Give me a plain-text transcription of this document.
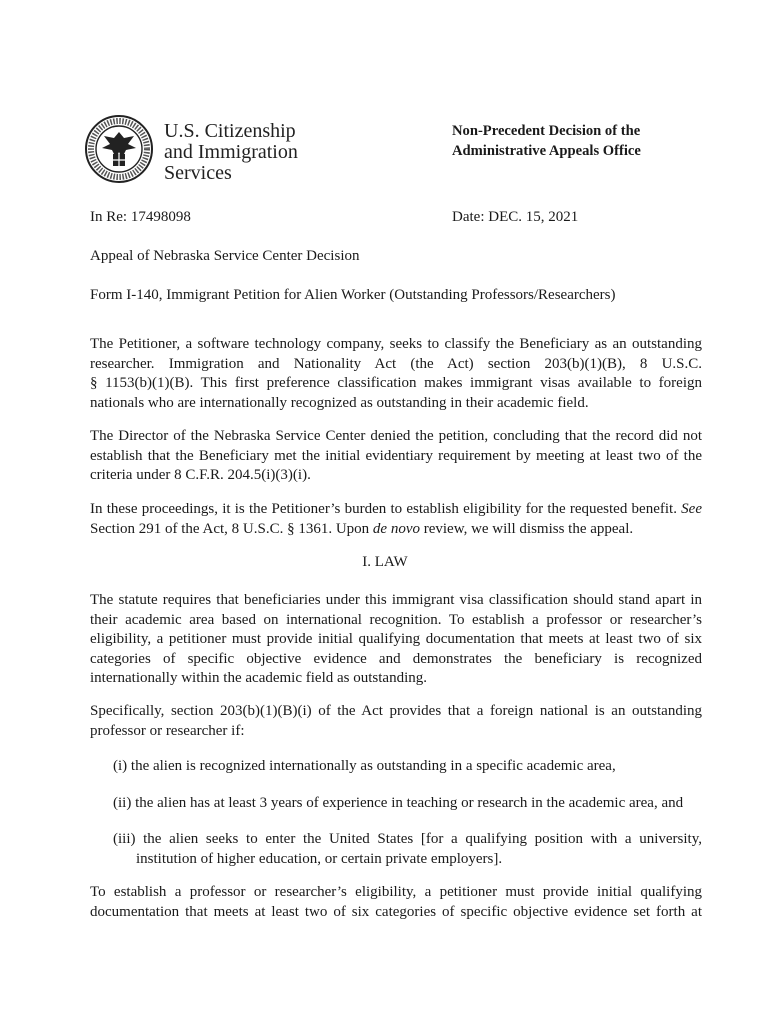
U.S. Citizenship
and Immigration
Services
Non-Precedent Decision of the
Administrative Appeals Office
In Re: 17498098	Date: DEC. 15, 2021
Appeal of Nebraska Service Center Decision
Form I-140, Immigrant Petition for Alien Worker (Outstanding Professors/Researchers)
The Petitioner, a software technology company, seeks to classify the Beneficiary as an outstanding
researcher. Immigration and Nationality Act (the Act) section 203(b)(1)(B), 8 U.S.C.
§ 1153(b)(1)(B). This first preference classification makes immigrant visas available to foreign
nationals who are internationally recognized as outstanding in their academic field.
The Director of the Nebraska Service Center denied the petition, concluding that the record did not
establish that the Beneficiary met the initial evidentiary requirement by meeting at least two of the
criteria under 8 C.F.R. 204.5(i)(3)(i).
In these proceedings, it is the Petitioner’s burden to establish eligibility for the requested benefit. See
Section 291 of the Act, 8 U.S.C. § 1361. Upon de novo review, we will dismiss the appeal.
I. LAW
The statute requires that beneficiaries under this immigrant visa classification should stand apart in
their academic area based on international recognition. To establish a professor or researcher’s
eligibility, a petitioner must provide initial qualifying documentation that meets at least two of six
categories of specific objective evidence and demonstrates the beneficiary is recognized
internationally within the academic field as outstanding.
Specifically, section 203(b)(1)(B)(i) of the Act provides that a foreign national is an outstanding
professor or researcher if:
(i) the alien is recognized internationally as outstanding in a specific academic area,
(ii) the alien has at least 3 years of experience in teaching or research in the academic area, and
(iii) the alien seeks to enter the United States [for a qualifying position with a university,
institution of higher education, or certain private employers].
To establish a professor or researcher’s eligibility, a petitioner must provide initial qualifying
documentation that meets at least two of six categories of specific objective evidence set forth at
